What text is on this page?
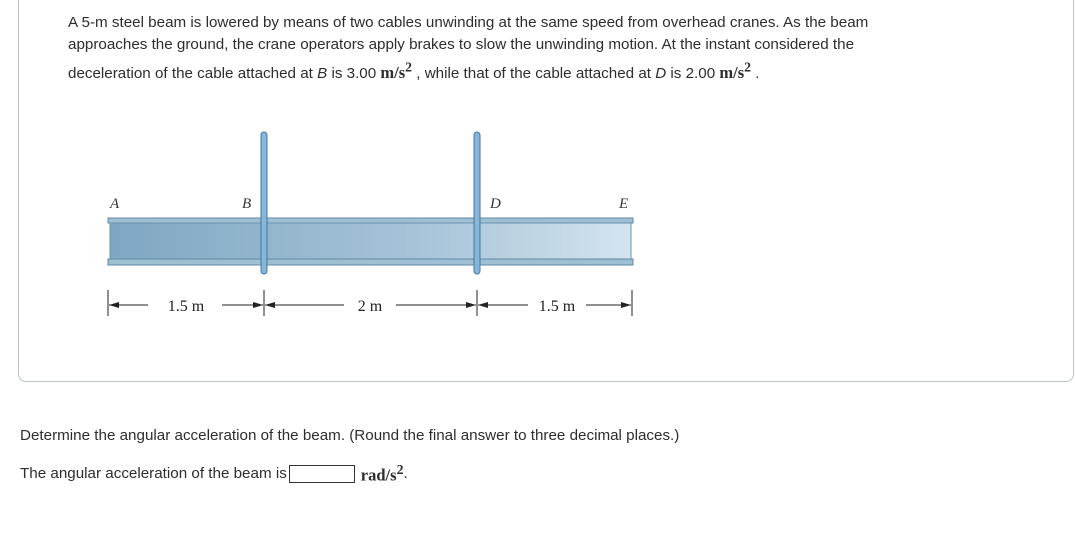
A 5-m steel beam is lowered by means of two cables unwinding at the same speed from overhead cranes. As the beam
approaches the ground, the crane operators apply brakes to slow the unwinding motion. At the instant considered the
deceleration of the cable attached at B is 3.00 $m/s^2$ , while that of the cable attached at D is 2.00 $m/s^2$ .

A	B	D	E
1.5 m	2 m	1.5 m

Determine the angular acceleration of the beam. (Round the final answer to three decimal places.)

The angular acceleration of the beam is	rad/$s^2$ .
